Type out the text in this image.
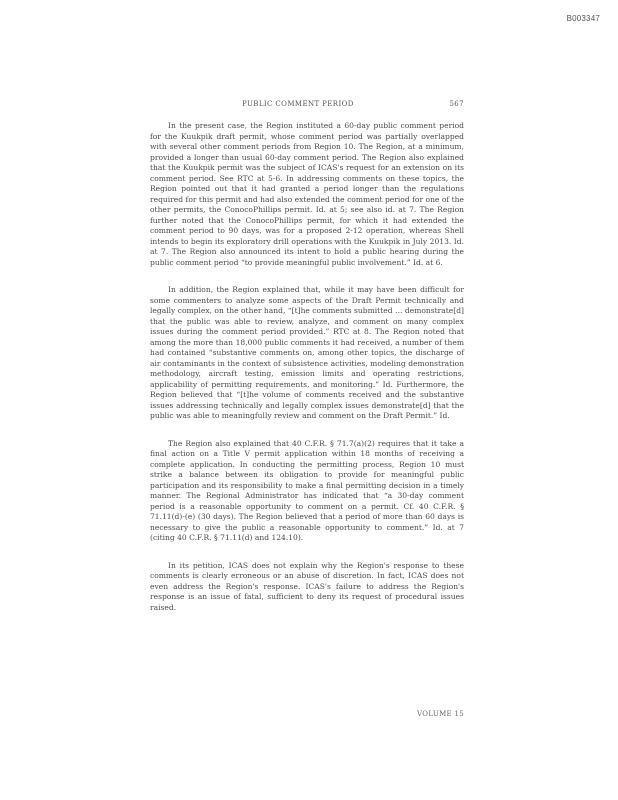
B003347
PUBLIC COMMENT PERIOD	567

In the present case, the Region instituted a 60-day public comment period for the Kuukpik draft permit, whose comment period was partially overlapped with several other comment periods from Region 10. The Region, at a minimum, provided a longer than usual 60-day comment period. The Region also explained that the Kuukpik permit was the subject of ICAS's request for an extension on its comment period. See RTC at 5-6. In addressing comments on these topics, the Region pointed out that it had granted a period longer than the regulations required for this permit and had also extended the comment period for one of the other permits, the ConocoPhillips permit. Id. at 5; see also id. at 7. The Region further noted that the ConocoPhillips permit, for which it had extended the comment period to 90 days, was for a proposed 2-12 operation, whereas Shell intends to begin its exploratory drill operations with the Kuukpik in July 2013. Id. at 7. The Region also announced its intent to hold a public hearing during the public comment period “to provide meaningful public involvement.” Id. at 6.

In addition, the Region explained that, while it may have been difficult for some commenters to analyze some aspects of the Draft Permit technically and legally complex, on the other hand, “[t]he comments submitted … demonstrate[d] that the public was able to review, analyze, and comment on many complex issues during the comment period provided.” RTC at 8. The Region noted that among the more than 18,000 public comments it had received, a number of them had contained “substantive comments on, among other topics, the discharge of air contaminants in the context of subsistence activities, modeling demonstration methodology, aircraft testing, emission limits and operating restrictions, applicability of permitting requirements, and monitoring.” Id. Furthermore, the Region believed that “[t]he volume of comments received and the substantive issues addressing technically and legally complex issues demonstrate[d] that the public was able to meaningfully review and comment on the Draft Permit.” Id.

The Region also explained that 40 C.F.R. § 71.7(a)(2) requires that it take a final action on a Title V permit application within 18 months of receiving a complete application. In conducting the permitting process, Region 10 must strike a balance between its obligation to provide for meaningful public participation and its responsibility to make a final permitting decision in a timely manner. The Regional Administrator has indicated that “a 30-day comment period is a reasonable opportunity to comment on a permit. Cf. 40 C.F.R. § 71.11(d)-(e) (30 days). The Region believed that a period of more than 60 days is necessary to give the public a reasonable opportunity to comment.” Id. at 7 (citing 40 C.F.R. § 71.11(d) and 124.10).

In its petition, ICAS does not explain why the Region's response to these comments is clearly erroneous or an abuse of discretion. In fact, ICAS does not even address the Region's response. ICAS's failure to address the Region's response is an issue of fatal, sufficient to deny its request of procedural issues raised.

VOLUME 15
